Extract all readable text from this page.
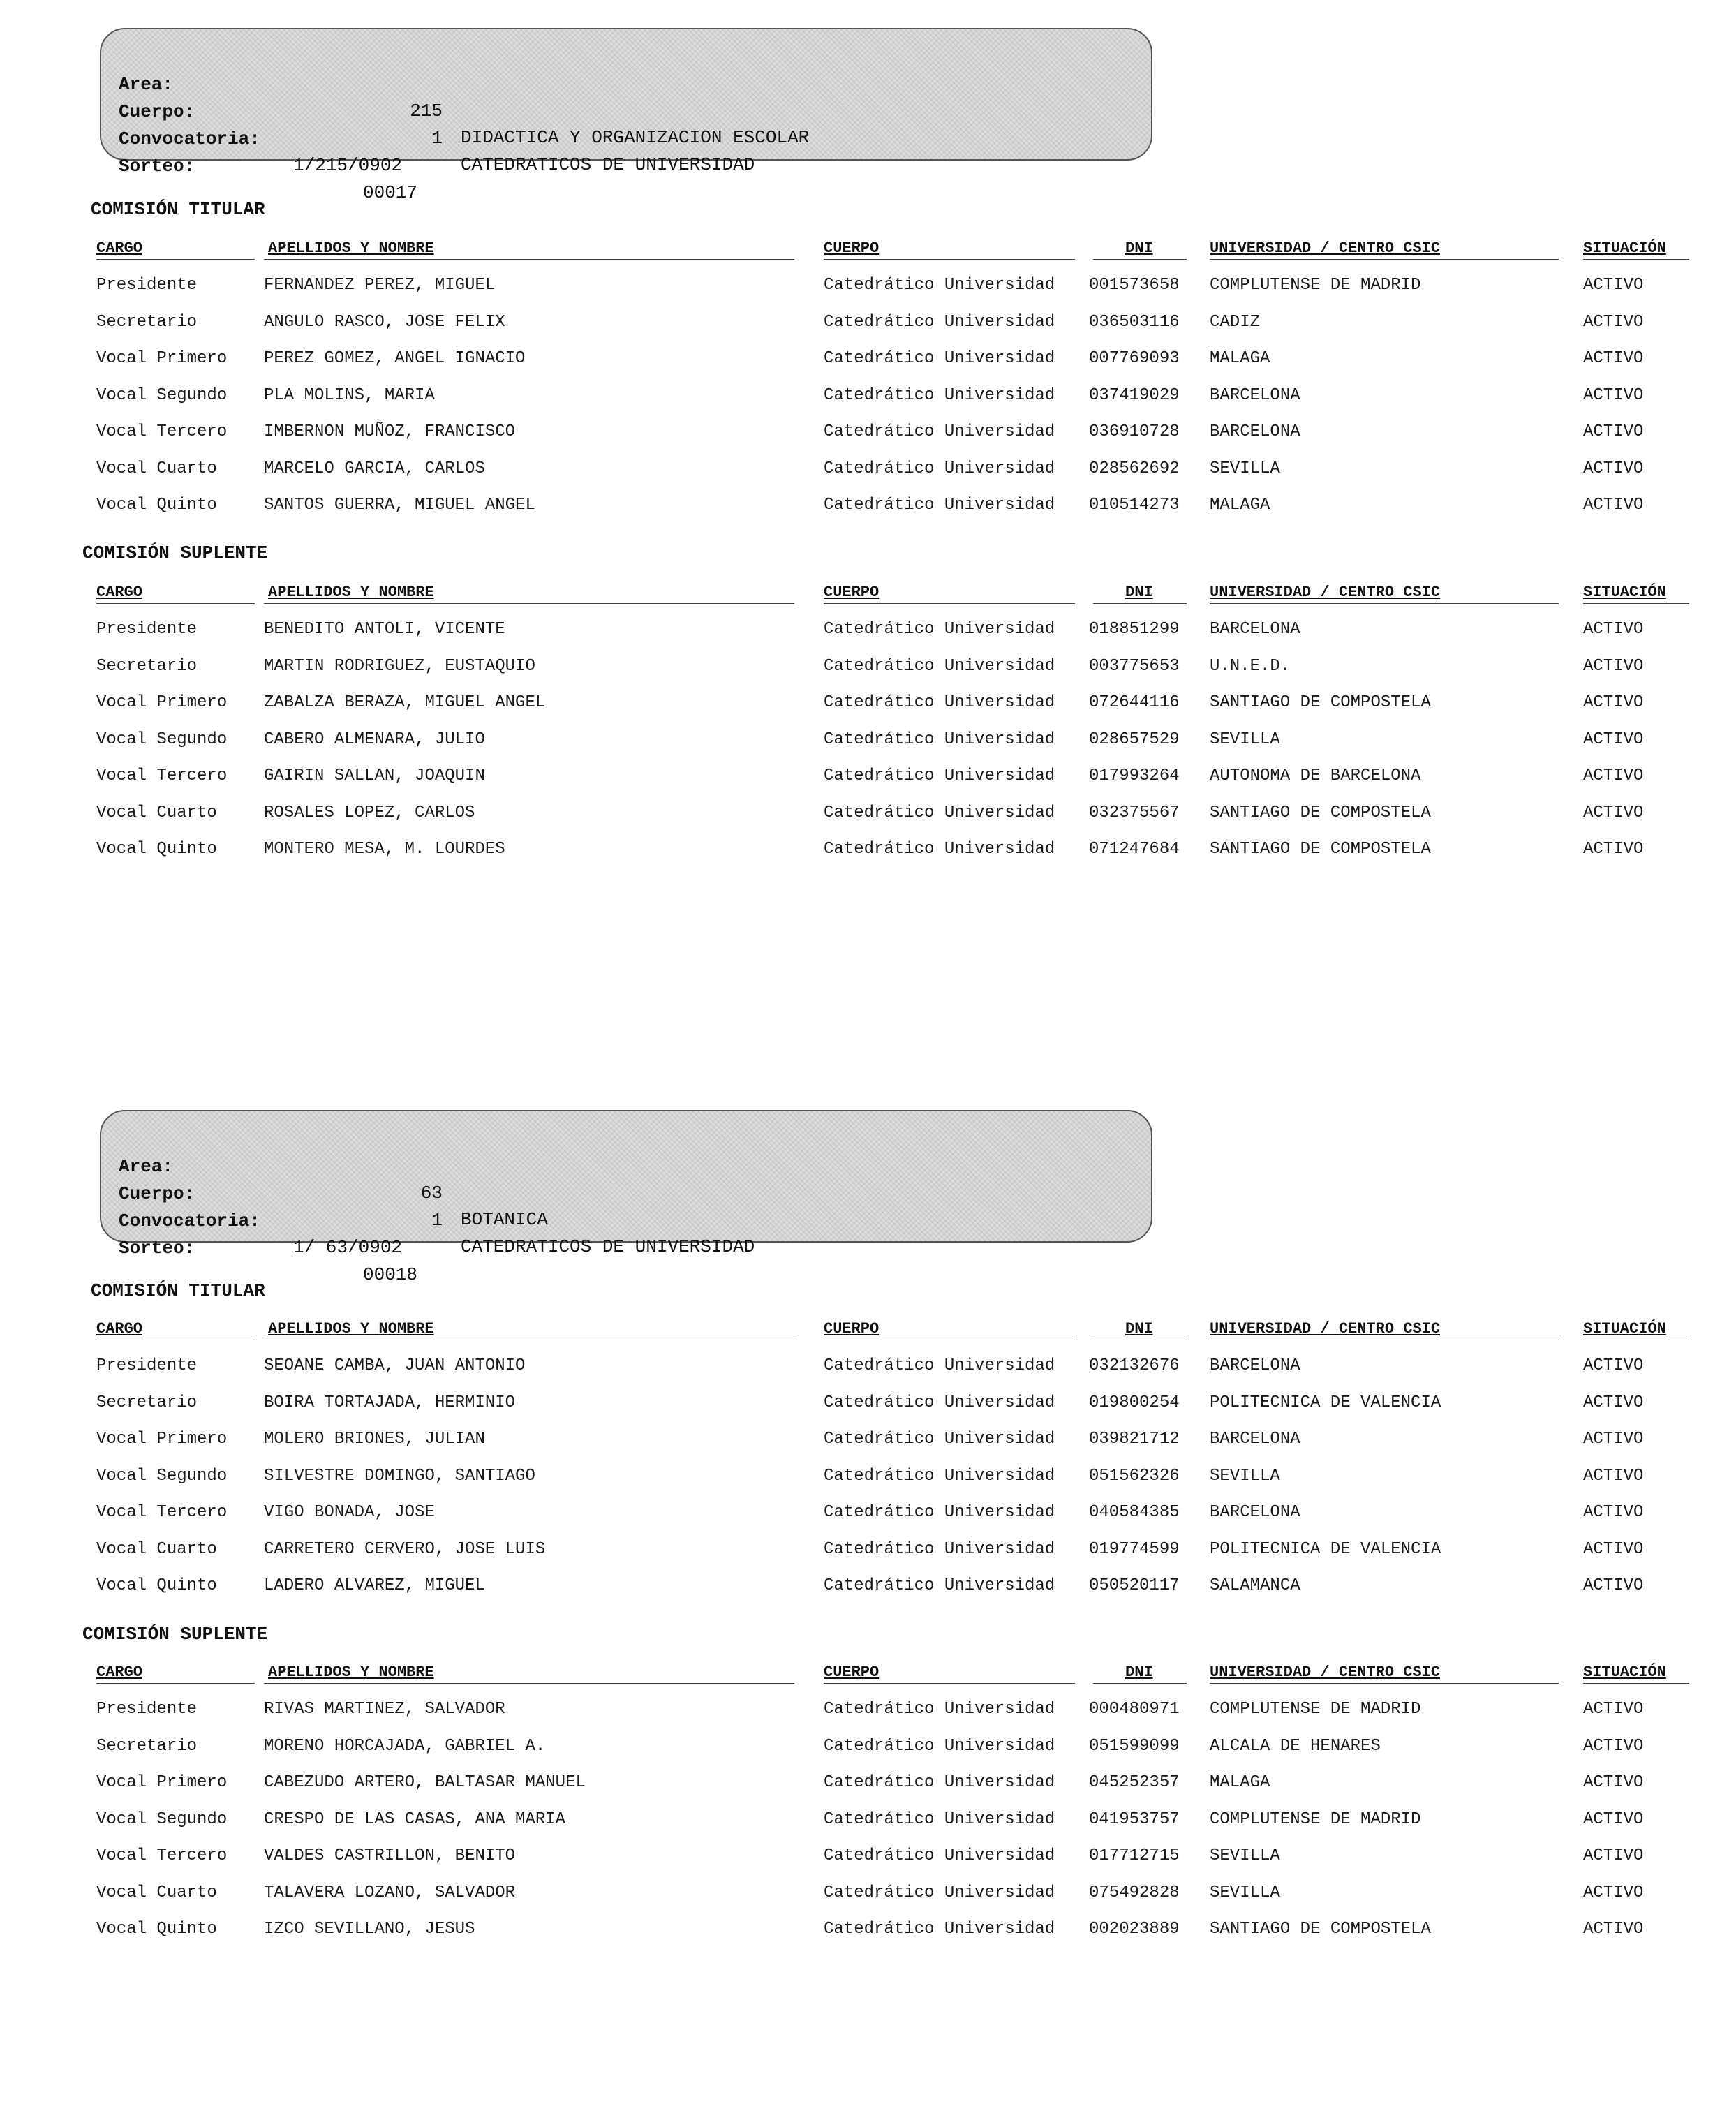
Area:

215

DIDACTICA Y ORGANIZACION ESCOLAR

Cuerpo:

1

CATEDRATICOS DE UNIVERSIDAD

Convocatoria:

1/215/0902

Sorteo:

00017

COMISIÓN TITULAR
COMISIÓN SUPLENTE
CARGO	APELLIDOS Y NOMBRE	CUERPO	DNI	UNIVERSIDAD / CENTRO CSIC	SITUACIÓN
Presidente	FERNANDEZ PEREZ, MIGUEL	Catedrático Universidad 001573658 COMPLUTENSE DE MADRID	ACTIVO
Secretario	ANGULO RASCO, JOSE FELIX	Catedrático Universidad 036503116 CADIZ	ACTIVO
Vocal Primero PEREZ GOMEZ, ANGEL IGNACIO	Catedrático Universidad 007769093 MALAGA	ACTIVO
Vocal Segundo PLA MOLINS, MARIA	Catedrático Universidad 037419029 BARCELONA	ACTIVO
Vocal Tercero IMBERNON MUÑOZ, FRANCISCO	Catedrático Universidad 036910728 BARCELONA	ACTIVO
Vocal Cuarto	MARCELO GARCIA, CARLOS	Catedrático Universidad 028562692 SEVILLA	ACTIVO
Vocal Quinto	SANTOS GUERRA, MIGUEL ANGEL	Catedrático Universidad 010514273 MALAGA	ACTIVO
CARGO	APELLIDOS Y NOMBRE	CUERPO	DNI	UNIVERSIDAD / CENTRO CSIC	SITUACIÓN
Presidente	BENEDITO ANTOLI, VICENTE	Catedrático Universidad 018851299 BARCELONA	ACTIVO
Secretario	MARTIN RODRIGUEZ, EUSTAQUIO	Catedrático Universidad 003775653 U.N.E.D.	ACTIVO
Vocal Primero ZABALZA BERAZA, MIGUEL ANGEL	Catedrático Universidad 072644116 SANTIAGO DE COMPOSTELA	ACTIVO
Vocal Segundo CABERO ALMENARA, JULIO	Catedrático Universidad 028657529 SEVILLA	ACTIVO
Vocal Tercero GAIRIN SALLAN, JOAQUIN	Catedrático Universidad 017993264 AUTONOMA DE BARCELONA	ACTIVO
Vocal Cuarto	ROSALES LOPEZ, CARLOS	Catedrático Universidad 032375567 SANTIAGO DE COMPOSTELA	ACTIVO
Vocal Quinto	MONTERO MESA, M. LOURDES	Catedrático Universidad 071247684 SANTIAGO DE COMPOSTELA	ACTIVO

Area:

63

BOTANICA

Cuerpo:

1

CATEDRATICOS DE UNIVERSIDAD

Convocatoria:

1/ 63/0902

Sorteo:

00018

COMISIÓN TITULAR
COMISIÓN SUPLENTE
CARGO	APELLIDOS Y NOMBRE	CUERPO	DNI	UNIVERSIDAD / CENTRO CSIC	SITUACIÓN
Presidente	SEOANE CAMBA, JUAN ANTONIO	Catedrático Universidad 032132676 BARCELONA	ACTIVO
Secretario	BOIRA TORTAJADA, HERMINIO	Catedrático Universidad 019800254 POLITECNICA DE VALENCIA	ACTIVO
Vocal Primero MOLERO BRIONES, JULIAN	Catedrático Universidad 039821712 BARCELONA	ACTIVO
Vocal Segundo SILVESTRE DOMINGO, SANTIAGO	Catedrático Universidad 051562326 SEVILLA	ACTIVO
Vocal Tercero VIGO BONADA, JOSE	Catedrático Universidad 040584385 BARCELONA	ACTIVO
Vocal Cuarto	CARRETERO CERVERO, JOSE LUIS	Catedrático Universidad 019774599 POLITECNICA DE VALENCIA	ACTIVO
Vocal Quinto	LADERO ALVAREZ, MIGUEL	Catedrático Universidad 050520117 SALAMANCA	ACTIVO
CARGO	APELLIDOS Y NOMBRE	CUERPO	DNI	UNIVERSIDAD / CENTRO CSIC	SITUACIÓN
Presidente	RIVAS MARTINEZ, SALVADOR	Catedrático Universidad 000480971 COMPLUTENSE DE MADRID	ACTIVO
Secretario	MORENO HORCAJADA, GABRIEL A.	Catedrático Universidad 051599099 ALCALA DE HENARES	ACTIVO
Vocal Primero CABEZUDO ARTERO, BALTASAR MANUEL	Catedrático Universidad 045252357 MALAGA	ACTIVO
Vocal Segundo CRESPO DE LAS CASAS, ANA MARIA	Catedrático Universidad 041953757 COMPLUTENSE DE MADRID	ACTIVO
Vocal Tercero VALDES CASTRILLON, BENITO	Catedrático Universidad 017712715 SEVILLA	ACTIVO
Vocal Cuarto	TALAVERA LOZANO, SALVADOR	Catedrático Universidad 075492828 SEVILLA	ACTIVO
Vocal Quinto	IZCO SEVILLANO, JESUS	Catedrático Universidad 002023889 SANTIAGO DE COMPOSTELA	ACTIVO
